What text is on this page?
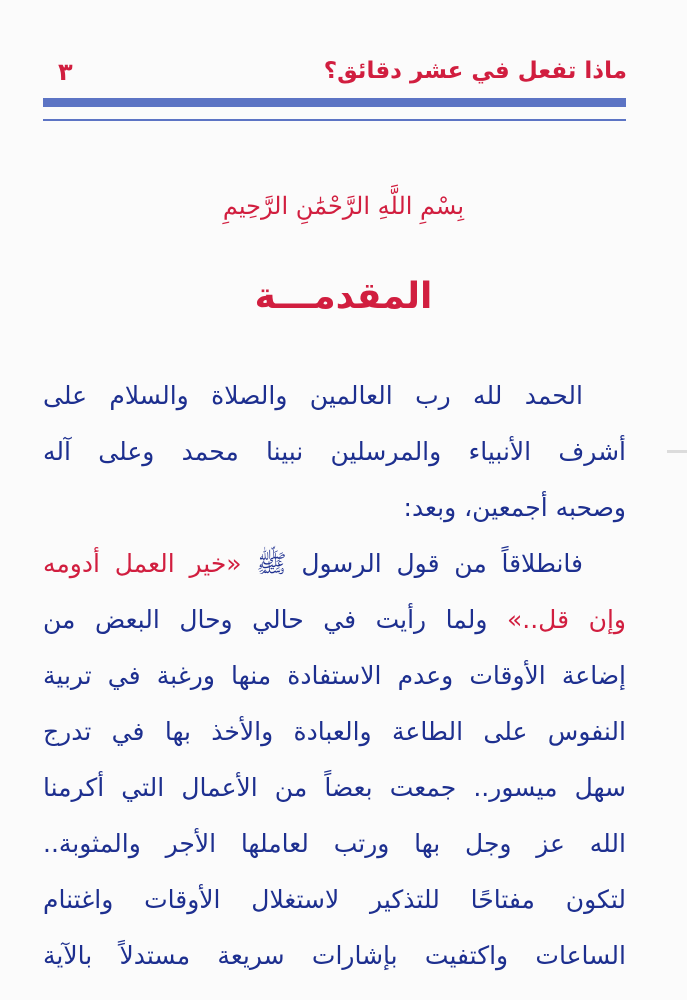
ماذا تفعل في عشر دقائق؟
٣
بِسْمِ اللَّهِ الرَّحْمَٰنِ الرَّحِيمِ
المقدمـــة
الحمد لله رب العالمين والصلاة والسلام على
أشرف الأنبياء والمرسلين نبينا محمد وعلى آله
وصحبه أجمعين، وبعد:
فانطلاقاً من قول الرسول ﷺ «خير العمل أدومه
وإن قل..» ولما رأيت في حالي وحال البعض من
إضاعة الأوقات وعدم الاستفادة منها ورغبة في تربية
النفوس على الطاعة والعبادة والأخذ بها في تدرج
سهل ميسور.. جمعت بعضاً من الأعمال التي أكرمنا
الله عز وجل بها ورتب لعاملها الأجر والمثوبة..
لتكون مفتاحًا للتذكير لاستغلال الأوقات واغتنام
الساعات واكتفيت بإشارات سريعة مستدلاً بالآية
